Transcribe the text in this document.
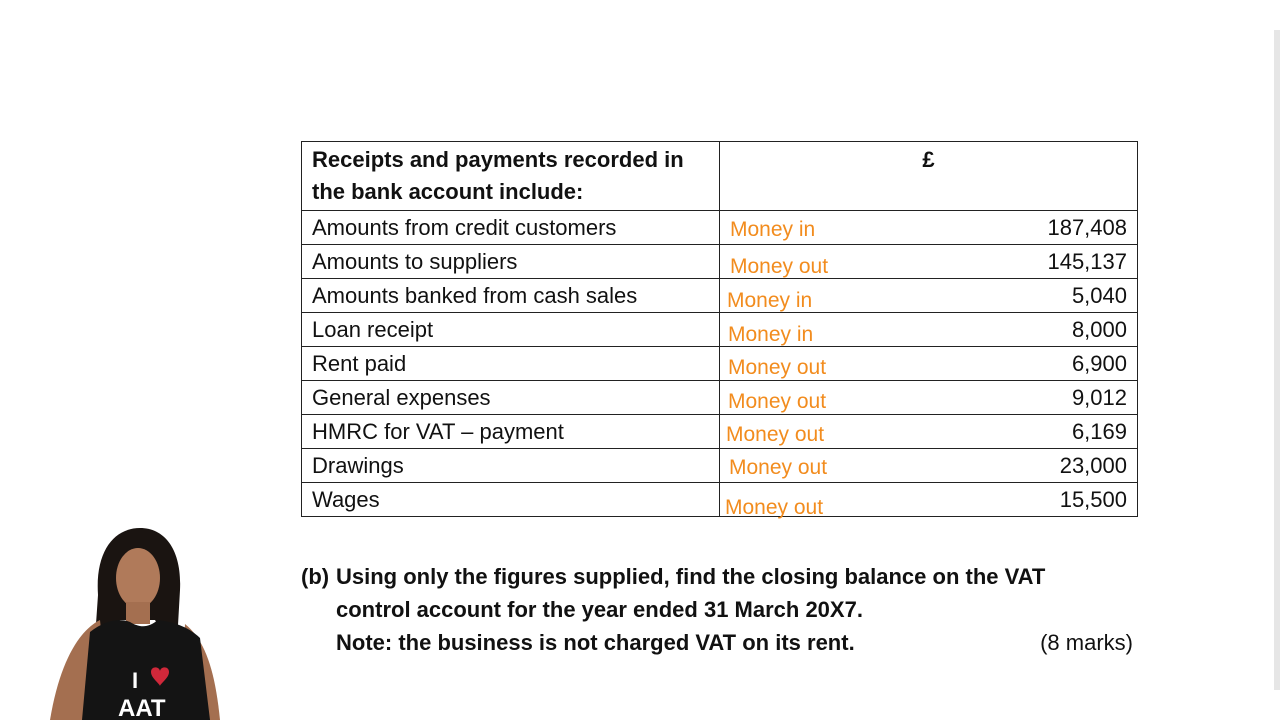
Receipts and payments recorded in the bank account include:	£
Amounts from credit customers	Money in 187,408
Amounts to suppliers	Money out 145,137
Amounts banked from cash sales	Money in 5,040
Loan receipt	Money in 8,000
Rent paid	Money out 6,900
General expenses	Money out 9,012
HMRC for VAT – payment	Money out 6,169
Drawings	Money out 23,000
Wages	Money out 15,500
(b) Using only the figures supplied, find the closing balance on the VAT
control account for the year ended 31 March 20X7.
Note: the business is not charged VAT on its rent.	(8 marks)
I
AAT
